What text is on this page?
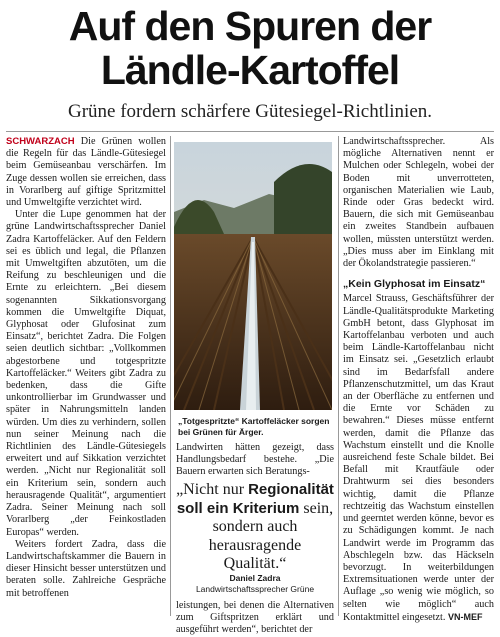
Auf den Spuren der
Ländle-Kartoffel
Grüne fordern schärfere Gütesiegel-Richtlinien.

SCHWARZACH Die Grünen wollen die Regeln für das Ländle-Gütesiegel beim Gemüseanbau verschärfen. Im Zuge dessen wollen sie erreichen, dass in Vorarlberg auf giftige Spritzmittel und Umweltgifte verzichtet wird.

Unter die Lupe genommen hat der grüne Landwirtschaftssprecher Daniel Zadra Kartoffeläcker. Auf den Feldern sei es üblich und legal, die Pflanzen mit Umweltgiften abzutöten, um die Reifung zu beschleunigen und die Ernte zu erleichtern. „Bei diesem sogenannten Sikkationsvorgang kommen die Umweltgifte Diquat, Glyphosat oder Glufosinat zum Einsatz“, berichtet Zadra. Die Folgen seien deutlich sichtbar: „Vollkommen abgestorbene und totgespritzte Kartoffeläcker.“ Weiters gibt Zadra zu bedenken, dass die Gifte unkontrollierbar im Grundwasser und später in Nahrungsmitteln landen würden. Um dies zu verhindern, sollen nun seiner Meinung nach die Richtlinien des Ländle-Gütesiegels erweitert und auf Sikkation verzichtet werden. „Nicht nur Regionalität soll ein Kriterium sein, sondern auch herausragende Qualität“, argumentiert Zadra. Seiner Meinung nach soll Vorarlberg „der Feinkostladen Europas“ werden.

Weiters fordert Zadra, dass die Landwirtschaftskammer die Bauern in dieser Hinsicht besser unterstützen und beraten solle. Zahlreiche Gespräche mit betroffenen

„Totgespritzte“ Kartoffeläcker sorgen bei Grünen für Ärger.

Landwirten hätten gezeigt, dass Handlungsbedarf bestehe. „Die Bauern erwarten sich Beratungs-

„Nicht nur Regionalität soll ein Kriterium sein, sondern auch herausragende Qualität.“
Daniel Zadra
Landwirtschaftssprecher Grüne

leistungen, bei denen die Alternativen zum Giftspritzen erklärt und ausgeführt werden“, berichtet der

Landwirtschaftssprecher. Als mögliche Alternativen nennt er Mulchen oder Schlegeln, wobei der Boden mit unverrotteten, organischen Materialien wie Laub, Rinde oder Gras bedeckt wird. Bauern, die sich mit Gemüseanbau ein zweites Standbein aufbauen wollen, müssten unterstützt werden. „Dies muss aber im Einklang mit der Ökolandstrategie passieren.“

„Kein Glyphosat im Einsatz“

Marcel Strauss, Geschäftsführer der Ländle-Qualitätsprodukte Marketing GmbH betont, dass Glyphosat im Kartoffelanbau verboten und auch beim Ländle-Kartoffelanbau nicht im Einsatz sei. „Gesetzlich erlaubt sind im Bedarfsfall andere Pflanzenschutzmittel, um das Kraut an der Oberfläche zu entfernen und die Ernte vor Schäden zu bewahren.“ Dieses müsse entfernt werden, damit die Pflanze das Wachstum einstellt und die Knolle ausreichend feste Schale bildet. Bei Befall mit Krautfäule oder Drahtwurm sei dies besonders wichtig, damit die Pflanze rechtzeitig das Wachstum einstellen und geerntet werden könne, bevor es zu Schädigungen kommt. Je nach Landwirt werde im Programm das Abschlegeln bzw. das Häckseln bevorzugt. In weiterbildungen Extremsituationen werde unter der Auflage „so wenig wie möglich, so selten wie möglich“ auch Kontaktmittel eingesetzt. VN-MEF
